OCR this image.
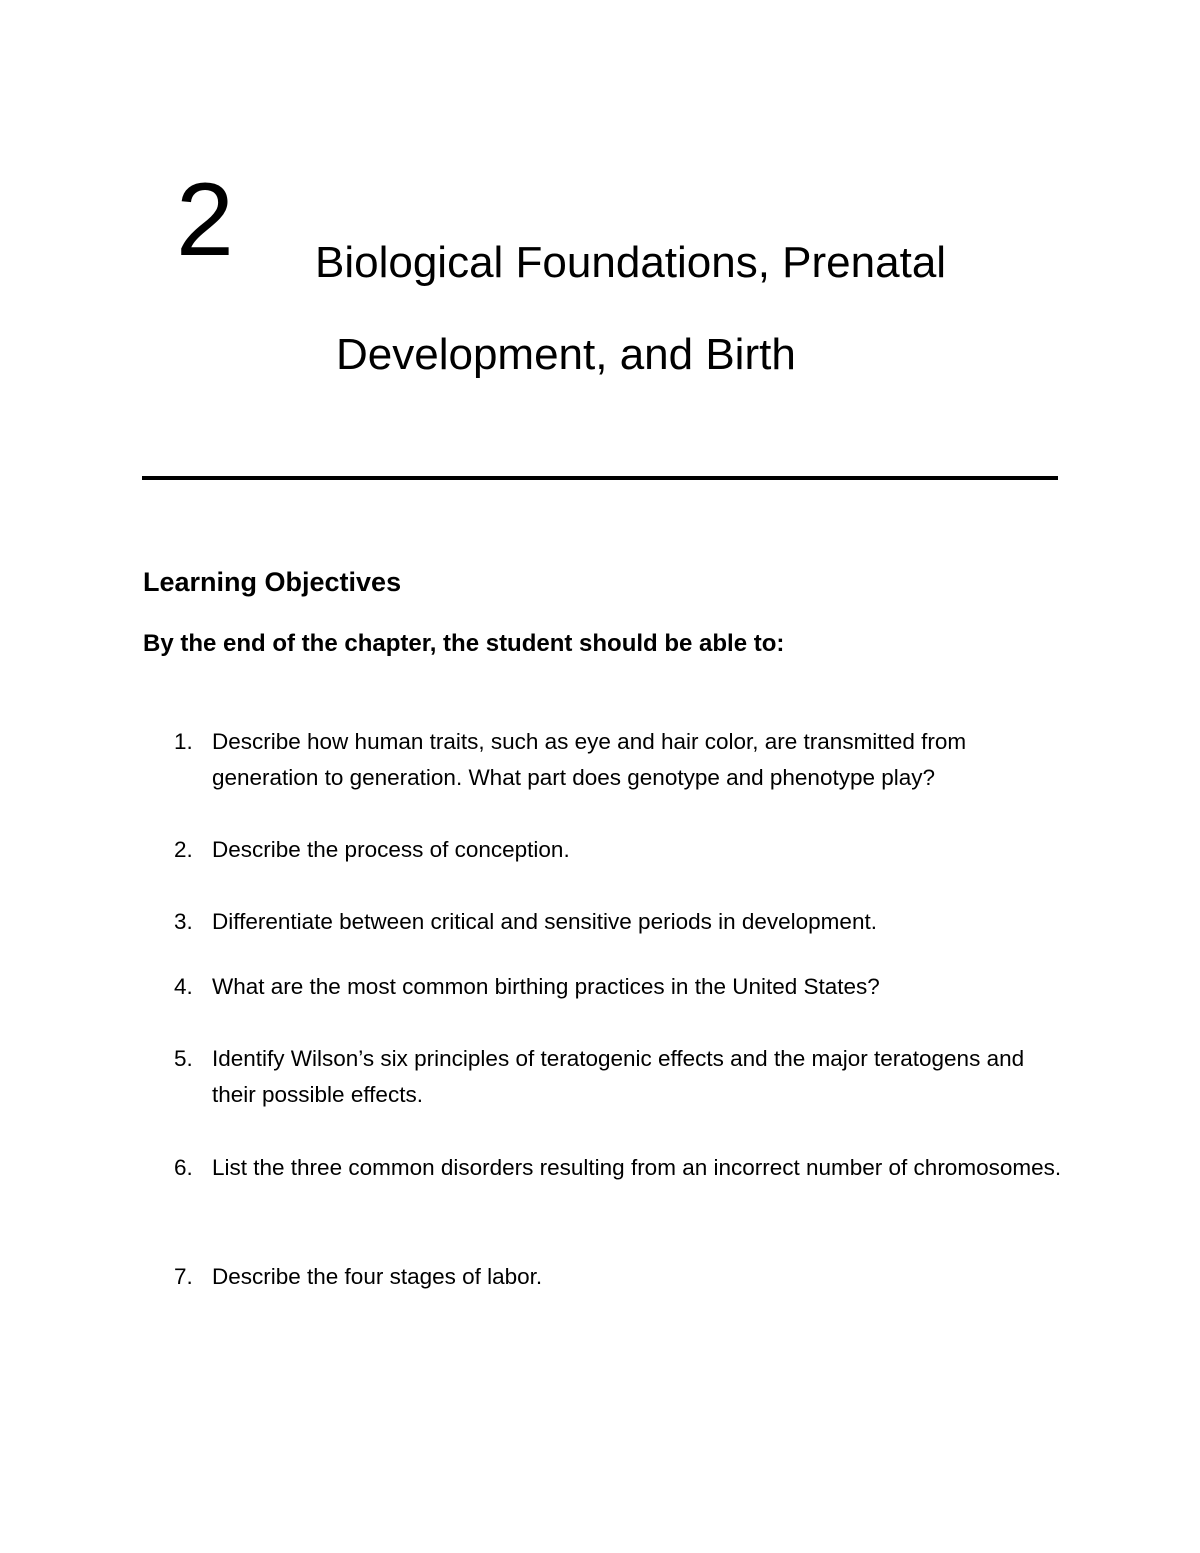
2 Biological Foundations, Prenatal
Development, and Birth
Learning Objectives
By the end of the chapter, the student should be able to:
1. Describe how human traits, such as eye and hair color, are transmitted from generation to generation. What part does genotype and phenotype play?
2. Describe the process of conception.
3. Differentiate between critical and sensitive periods in development.
4. What are the most common birthing practices in the United States?
5. Identify Wilson’s six principles of teratogenic effects and the major teratogens and their possible effects.
6. List the three common disorders resulting from an incorrect number of chromosomes.
7. Describe the four stages of labor.
